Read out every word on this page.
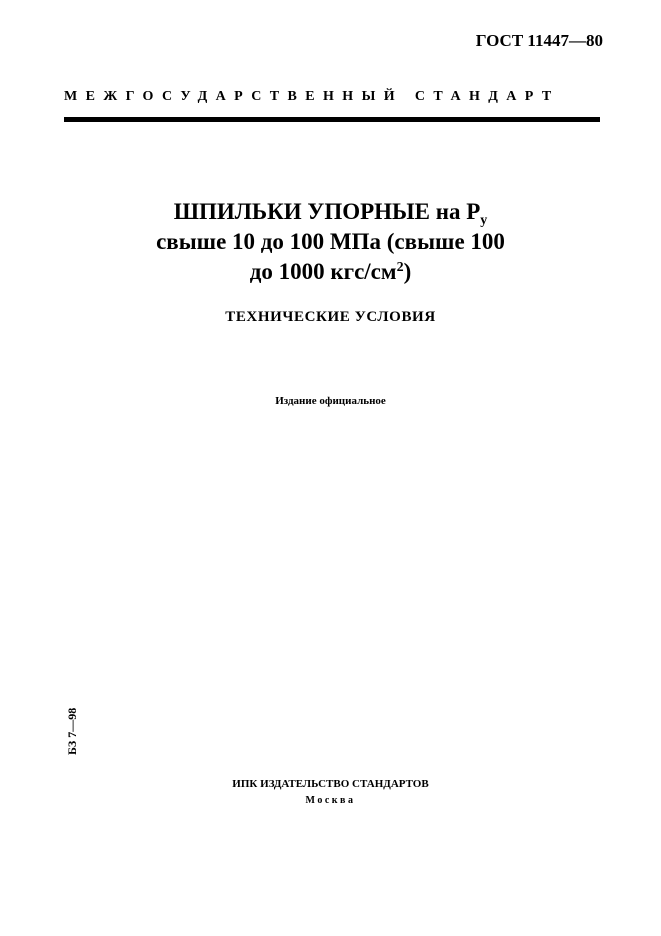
ГОСТ 11447—80
МЕЖГОСУДАРСТВЕННЫЙ СТАНДАРТ
ШПИЛЬКИ УПОРНЫЕ на $Р_у$
свыше 10 до 100 МПа (свыше 100
до 1000 кгс/$см^2$)
ТЕХНИЧЕСКИЕ УСЛОВИЯ
Издание официальное
БЗ 7—98
ИПК ИЗДАТЕЛЬСТВО СТАНДАРТОВ
Москва
